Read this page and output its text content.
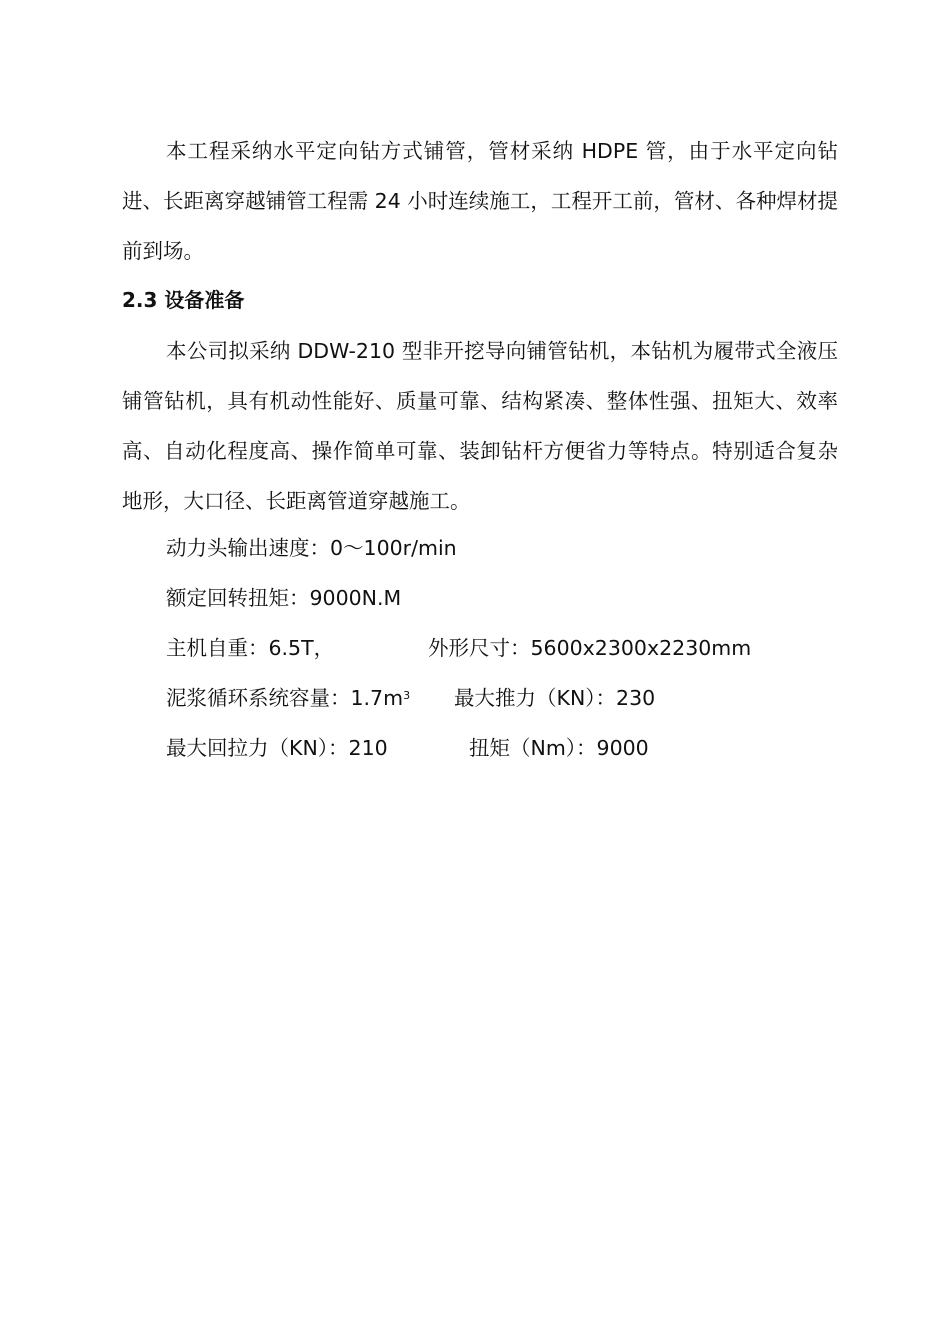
本工程采纳水平定向钻方式铺管，管材采纳 HDPE 管，由于水平定向钻进、长距离穿越铺管工程需 24 小时连续施工，工程开工前，管材、各种焊材提前到场。

2.3 设备准备

本公司拟采纳 DDW-210 型非开挖导向铺管钻机，本钻机为履带式全液压铺管钻机，具有机动性能好、质量可靠、结构紧凑、整体性强、扭矩大、效率高、自动化程度高、操作简单可靠、装卸钻杆方便省力等特点。特别适合复杂地形，大口径、长距离管道穿越施工。

动力头输出速度：0～100r/min
额定回转扭矩：9000N.M
主机自重：6.5T，	外形尺寸：5600x2300x2230mm
泥浆循环系统容量：$1.7m^3$ 最大推力（KN）：230
最大回拉力（KN）：210	扭矩（Nm）：9000
